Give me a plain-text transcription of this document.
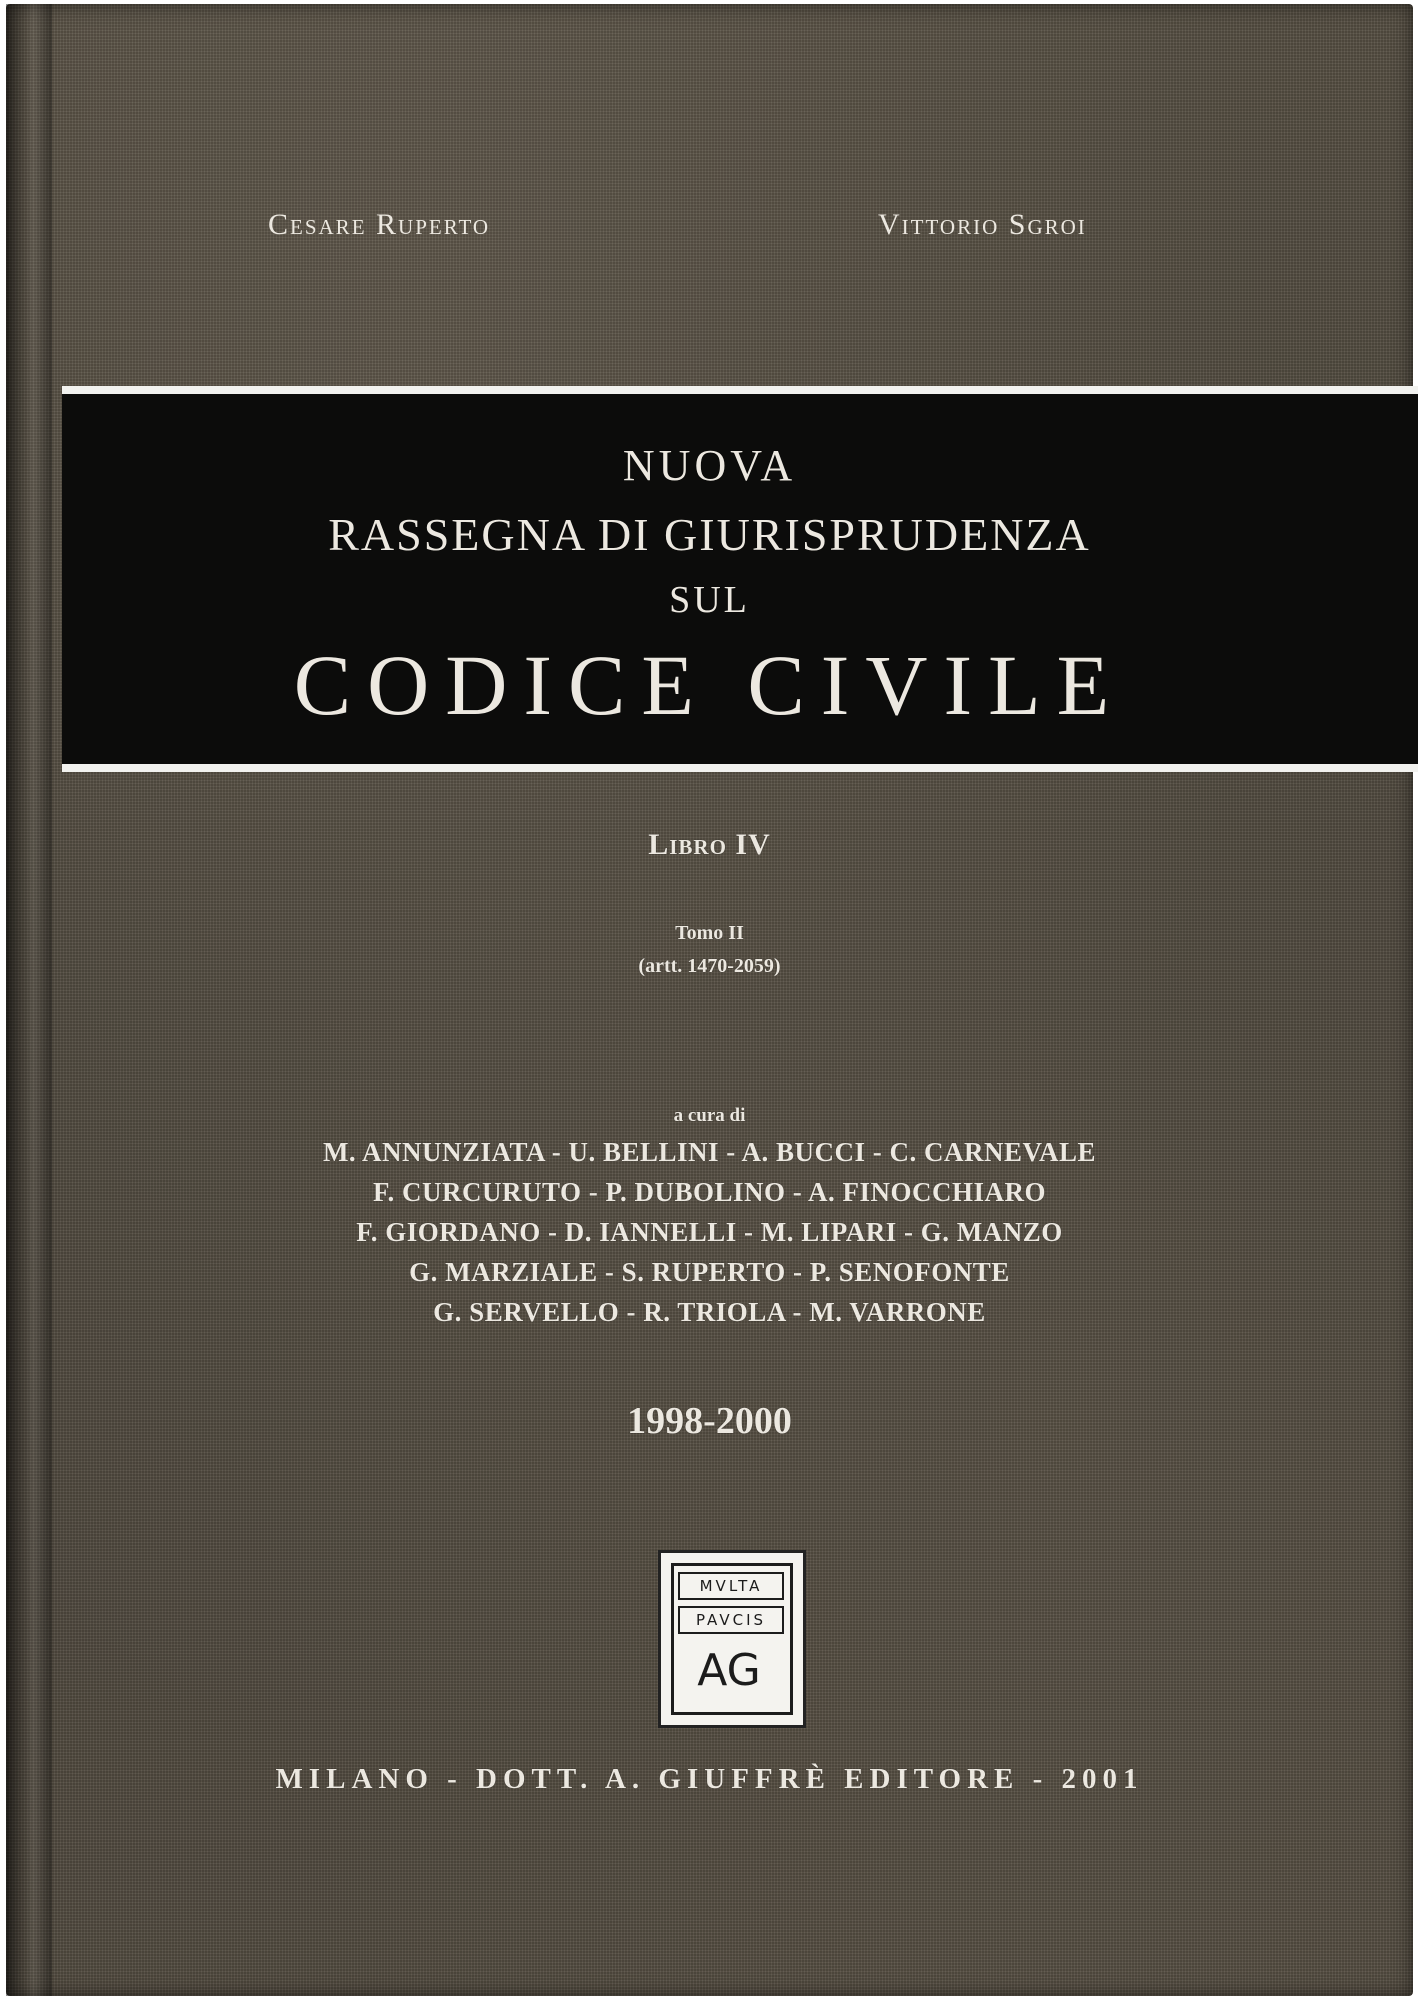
Cesare Ruperto	Vittorio Sgroi
NUOVA
RASSEGNA DI GIURISPRUDENZA
SUL
CODICE CIVILE
Libro IV
Tomo II
(artt. 1470-2059)
a cura di
M. ANNUNZIATA - U. BELLINI - A. BUCCI - C. CARNEVALE
F. CURCURUTO - P. DUBOLINO - A. FINOCCHIARO
F. GIORDANO - D. IANNELLI - M. LIPARI - G. MANZO
G. MARZIALE - S. RUPERTO - P. SENOFONTE
G. SERVELLO - R. TRIOLA - M. VARRONE
1998-2000
MVLTA
PAVCIS
AG
MILANO - DOTT. A. GIUFFRÈ EDITORE - 2001
